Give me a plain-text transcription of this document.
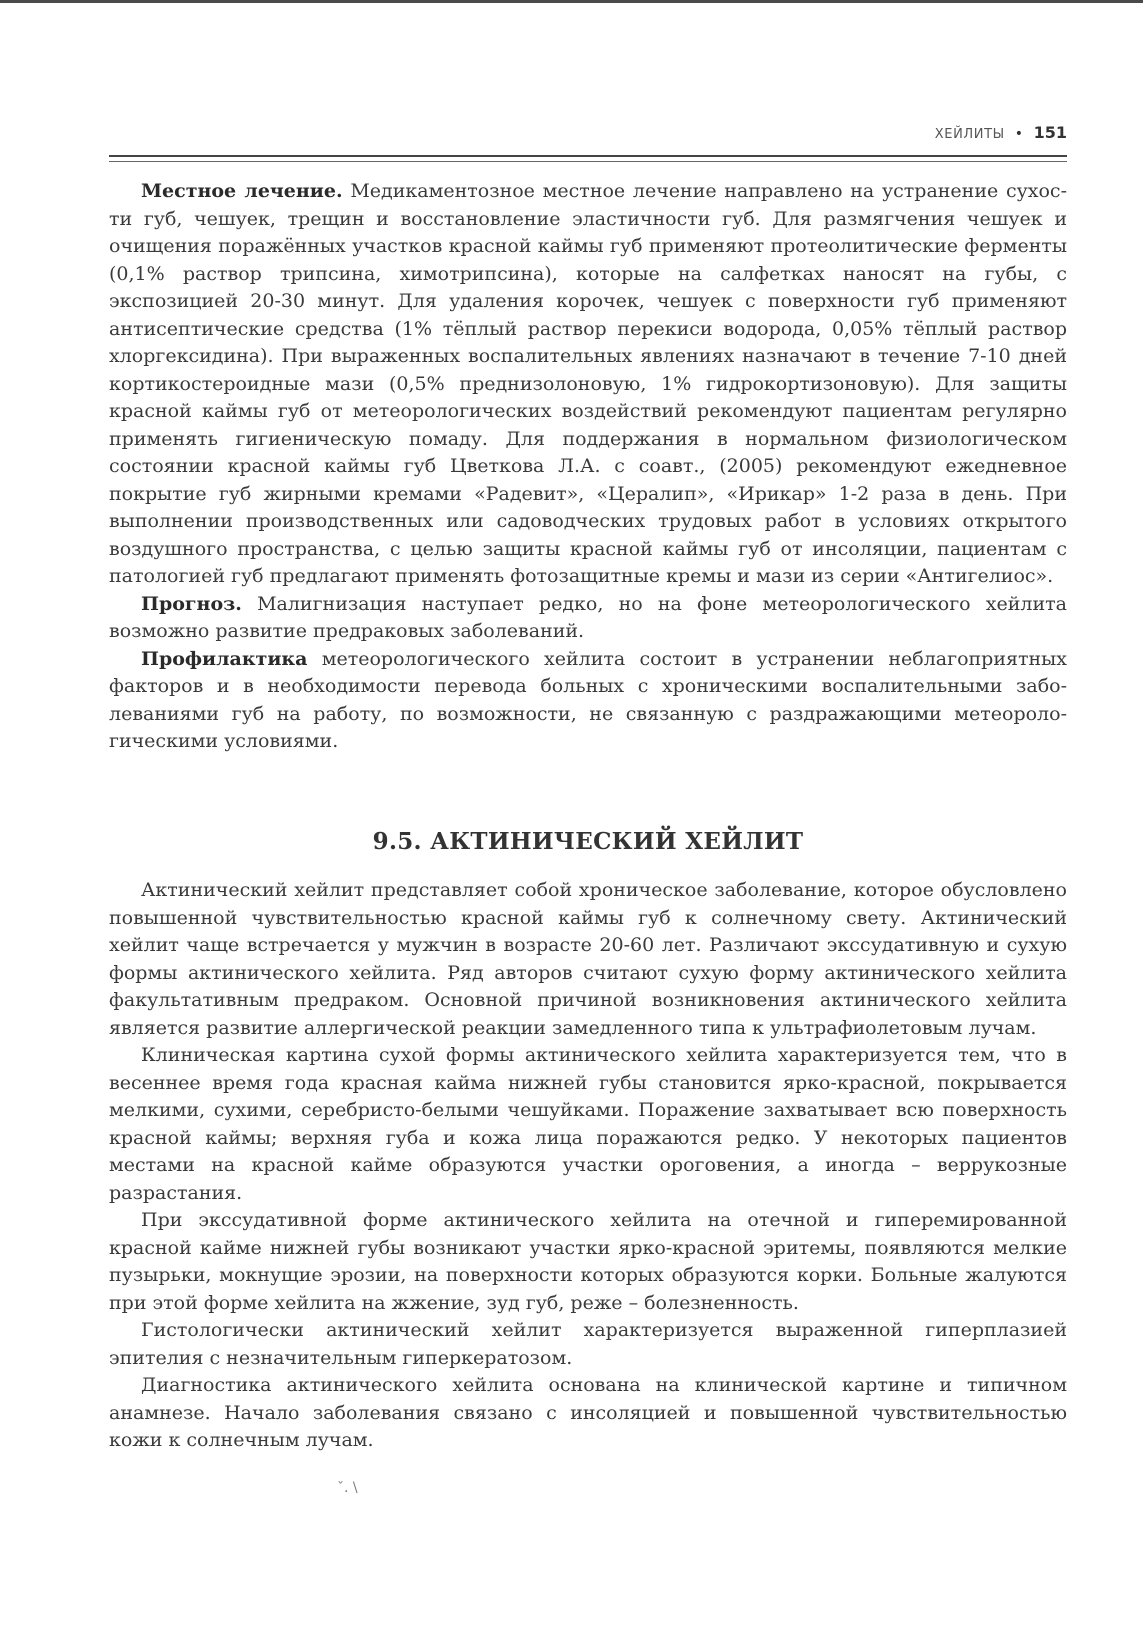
ХЕЙЛИТЫ • 151

Местное лечение. Медикаментозное местное лечение направлено на устранение сухости губ, чешуек, трещин и восстановление эластичности губ. Для размягчения чешуек и очищения поражённых участков красной каймы губ применяют протеолитические ферменты (0,1% раствор трипсина, химотрипсина), которые на салфетках наносят на губы, с экспозицией 20-30 минут. Для удаления корочек, чешуек с поверхности губ применяют антисептические средства (1% тёплый раствор перекиси водорода, 0,05% тёплый раствор хлоргексидина). При выраженных воспалительных явлениях назначают в течение 7-10 дней кортикостероидные мази (0,5% преднизолоновую, 1% гидрокортизоновую). Для защиты красной каймы губ от метеорологических воздействий рекомендуют пациентам регулярно применять гигиеническую помаду. Для поддержания в нормальном физиологическом состоянии красной каймы губ Цветкова Л.А. с соавт., (2005) рекомендуют ежедневное покрытие губ жирными кремами «Радевит», «Цералип», «Ирикар» 1-2 раза в день. При выполнении производственных или садоводческих трудовых работ в условиях открытого воздушного пространства, с целью защиты красной каймы губ от инсоляции, пациентам с патологией губ предлагают применять фотозащитные кремы и мази из серии «Антигелиос».

Прогноз. Малигнизация наступает редко, но на фоне метеорологического хейлита возможно развитие предраковых заболеваний.

Профилактика метеорологического хейлита состоит в устранении неблагоприятных факторов и в необходимости перевода больных с хроническими воспалительными заболеваниями губ на работу, по возможности, не связанную с раздражающими метеорологическими условиями.

9.5. АКТИНИЧЕСКИЙ ХЕЙЛИТ

Актинический хейлит представляет собой хроническое заболевание, которое обусловлено повышенной чувствительностью красной каймы губ к солнечному свету. Актинический хейлит чаще встречается у мужчин в возрасте 20-60 лет. Различают экссудативную и сухую формы актинического хейлита. Ряд авторов считают сухую форму актинического хейлита факультативным предраком. Основной причиной возникновения актинического хейлита является развитие аллергической реакции замедленного типа к ультрафиолетовым лучам.

Клиническая картина сухой формы актинического хейлита характеризуется тем, что в весеннее время года красная кайма нижней губы становится ярко-красной, покрывается мелкими, сухими, серебристо-белыми чешуйками. Поражение захватывает всю поверхность красной каймы; верхняя губа и кожа лица поражаются редко. У некоторых пациентов местами на красной кайме образуются участки ороговения, а иногда – веррукозные разрастания.

При экссудативной форме актинического хейлита на отечной и гиперемированной красной кайме нижней губы возникают участки ярко-красной эритемы, появляются мелкие пузырьки, мокнущие эрозии, на поверхности которых образуются корки. Больные жалуются при этой форме хейлита на жжение, зуд губ, реже – болезненность.

Гистологически актинический хейлит характеризуется выраженной гиперплазией эпителия с незначительным гиперкератозом.

Диагностика актинического хейлита основана на клинической картине и типичном анамнезе. Начало заболевания связано с инсоляцией и повышенной чувствительностью кожи к солнечным лучам.

ˇ. \
